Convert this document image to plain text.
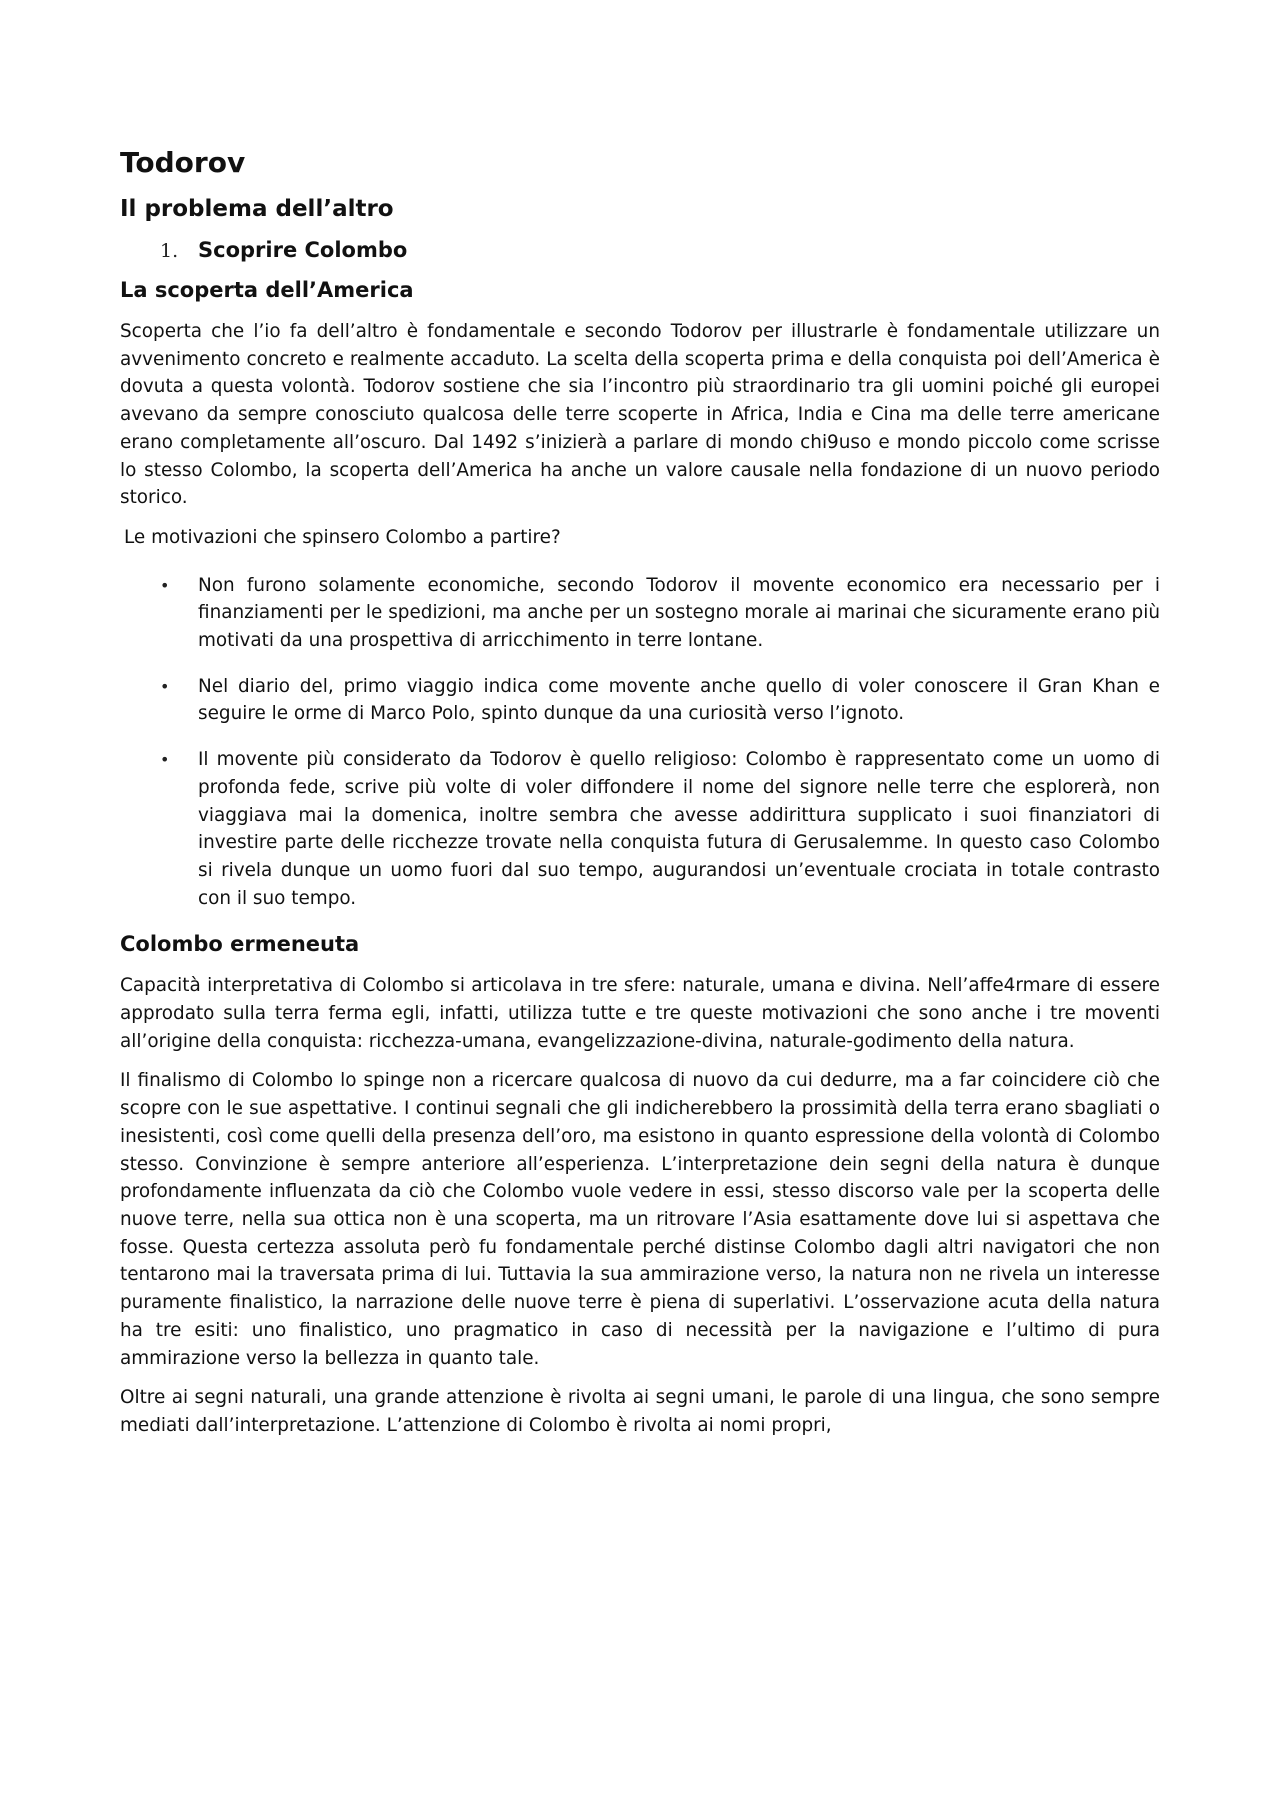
Todorov
Il problema dell’altro
1. Scoprire Colombo
La scoperta dell’America

Scoperta che l’io fa dell’altro è fondamentale e secondo Todorov per illustrarle è fondamentale utilizzare un avvenimento concreto e realmente accaduto. La scelta della scoperta prima e della conquista poi dell’America è dovuta a questa volontà. Todorov sostiene che sia l’incontro più straordinario tra gli uomini poiché gli europei avevano da sempre conosciuto qualcosa delle terre scoperte in Africa, India e Cina ma delle terre americane erano completamente all’oscuro. Dal 1492 s’inizierà a parlare di mondo chi9uso e mondo piccolo come scrisse lo stesso Colombo, la scoperta dell’America ha anche un valore causale nella fondazione di un nuovo periodo storico.

Le motivazioni che spinsero Colombo a partire?

•	Non furono solamente economiche, secondo Todorov il movente economico era necessario per i finanziamenti per le spedizioni, ma anche per un sostegno morale ai marinai che sicuramente erano più motivati da una prospettiva di arricchimento in terre lontane.
•	Nel diario del, primo viaggio indica come movente anche quello di voler conoscere il Gran Khan e seguire le orme di Marco Polo, spinto dunque da una curiosità verso l’ignoto.
•	Il movente più considerato da Todorov è quello religioso: Colombo è rappresentato come un uomo di profonda fede, scrive più volte di voler diffondere il nome del signore nelle terre che esplorerà, non viaggiava mai la domenica, inoltre sembra che avesse addirittura supplicato i suoi finanziatori di investire parte delle ricchezze trovate nella conquista futura di Gerusalemme. In questo caso Colombo si rivela dunque un uomo fuori dal suo tempo, augurandosi un’eventuale crociata in totale contrasto con il suo tempo.
Colombo ermeneuta

Capacità interpretativa di Colombo si articolava in tre sfere: naturale, umana e divina. Nell’affe4rmare di essere approdato sulla terra ferma egli, infatti, utilizza tutte e tre queste motivazioni che sono anche i tre moventi all’origine della conquista: ricchezza-umana, evangelizzazione-divina, naturale-godimento della natura.

Il finalismo di Colombo lo spinge non a ricercare qualcosa di nuovo da cui dedurre, ma a far coincidere ciò che scopre con le sue aspettative. I continui segnali che gli indicherebbero la prossimità della terra erano sbagliati o inesistenti, così come quelli della presenza dell’oro, ma esistono in quanto espressione della volontà di Colombo stesso. Convinzione è sempre anteriore all’esperienza. L’interpretazione dein segni della natura è dunque profondamente influenzata da ciò che Colombo vuole vedere in essi, stesso discorso vale per la scoperta delle nuove terre, nella sua ottica non è una scoperta, ma un ritrovare l’Asia esattamente dove lui si aspettava che fosse. Questa certezza assoluta però fu fondamentale perché distinse Colombo dagli altri navigatori che non tentarono mai la traversata prima di lui. Tuttavia la sua ammirazione verso, la natura non ne rivela un interesse puramente finalistico, la narrazione delle nuove terre è piena di superlativi. L’osservazione acuta della natura ha tre esiti: uno finalistico, uno pragmatico in caso di necessità per la navigazione e l’ultimo di pura ammirazione verso la bellezza in quanto tale.

Oltre ai segni naturali, una grande attenzione è rivolta ai segni umani, le parole di una lingua, che sono sempre mediati dall’interpretazione. L’attenzione di Colombo è rivolta ai nomi propri,
